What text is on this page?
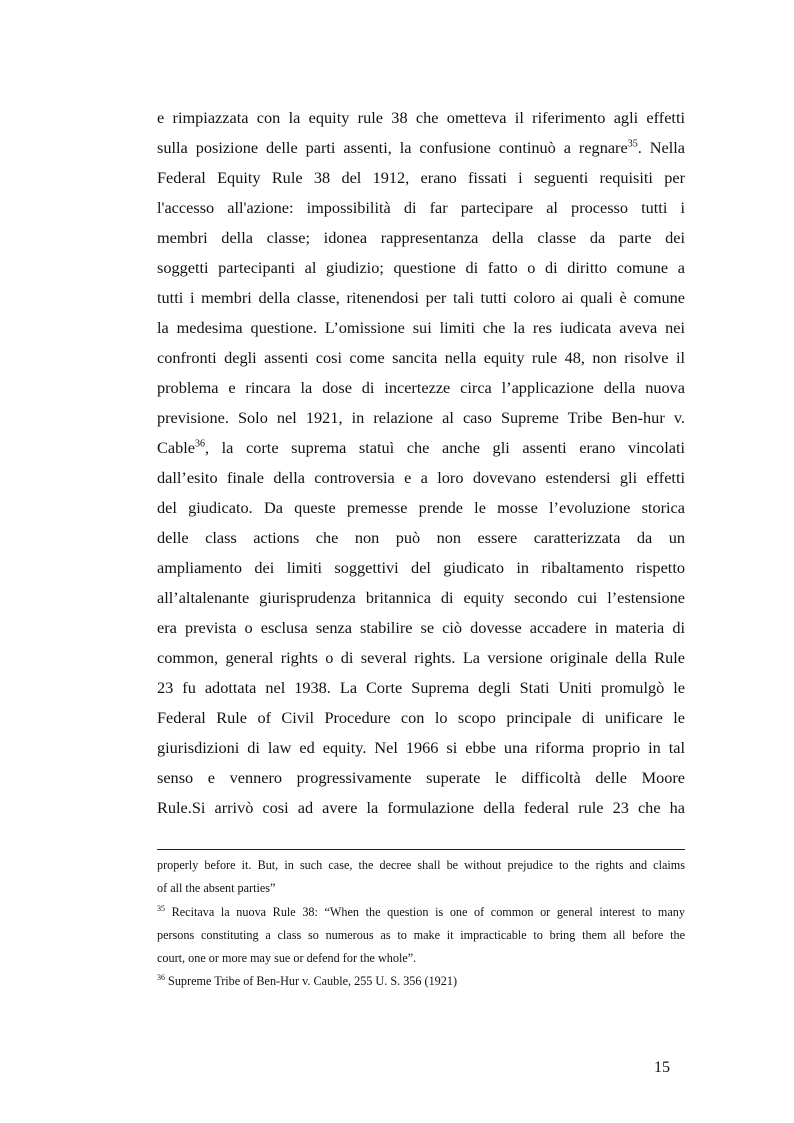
e rimpiazzata con la equity rule 38 che ometteva il riferimento agli effetti
sulla posizione delle parti assenti, la confusione continuò a regnare$^{35}$. Nella
Federal Equity Rule 38 del 1912, erano fissati i seguenti requisiti per
l'accesso all'azione: impossibilità di far partecipare al processo tutti i
membri della classe; idonea rappresentanza della classe da parte dei
soggetti partecipanti al giudizio; questione di fatto o di diritto comune a
tutti i membri della classe, ritenendosi per tali tutti coloro ai quali è comune
la medesima questione. L’omissione sui limiti che la res iudicata aveva nei
confronti degli assenti cosi come sancita nella equity rule 48, non risolve il
problema e rincara la dose di incertezze circa l’applicazione della nuova
previsione. Solo nel 1921, in relazione al caso Supreme Tribe Ben-hur v.
Cable$^{36}$, la corte suprema statuì che anche gli assenti erano vincolati
dall’esito finale della controversia e a loro dovevano estendersi gli effetti
del giudicato. Da queste premesse prende le mosse l’evoluzione storica
delle class actions che non può non essere caratterizzata da un
ampliamento dei limiti soggettivi del giudicato in ribaltamento rispetto
all’altalenante giurisprudenza britannica di equity secondo cui l’estensione
era prevista o esclusa senza stabilire se ciò dovesse accadere in materia di
common, general rights o di several rights. La versione originale della Rule
23 fu adottata nel 1938. La Corte Suprema degli Stati Uniti promulgò le
Federal Rule of Civil Procedure con lo scopo principale di unificare le
giurisdizioni di law ed equity. Nel 1966 si ebbe una riforma proprio in tal
senso e vennero progressivamente superate le difficoltà delle Moore
Rule.Si arrivò cosi ad avere la formulazione della federal rule 23 che ha
properly before it. But, in such case, the decree shall be without prejudice to the rights and claims
of all the absent parties”
$^{35}$ Recitava la nuova Rule 38: “When the question is one of common or general interest to many
persons constituting a class so numerous as to make it impracticable to bring them all before the
court, one or more may sue or defend for the whole”.
$^{36}$ Supreme Tribe of Ben-Hur v. Cauble, 255 U. S. 356 (1921)
15
